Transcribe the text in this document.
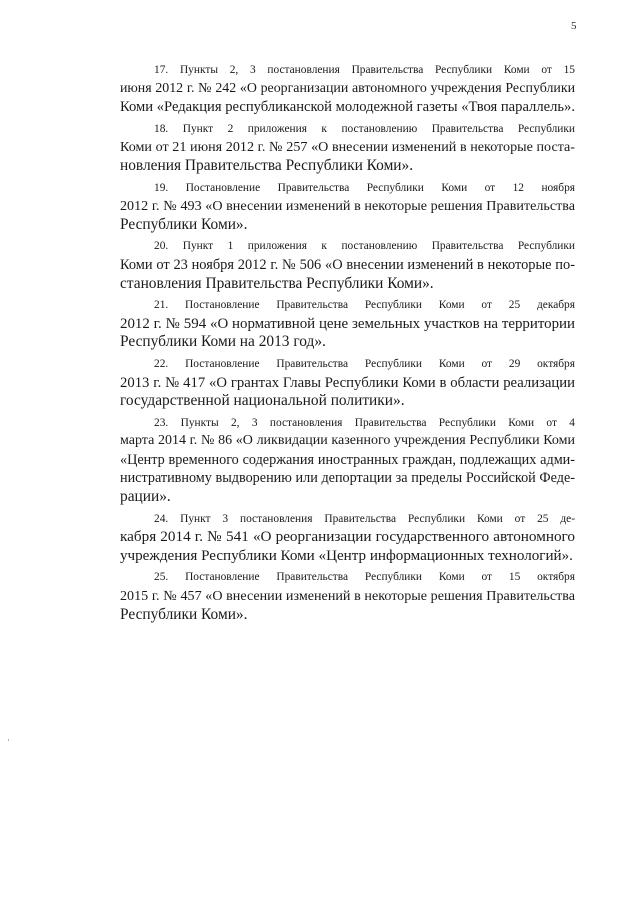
5
17. Пункты 2, 3 постановления Правительства Республики Коми от 15
июня 2012 г. № 242 «О реорганизации автономного учреждения Республики
Коми «Редакция республиканской молодежной газеты «Твоя параллель».
18. Пункт 2 приложения к постановлению Правительства Республики
Коми от 21 июня 2012 г. № 257 «О внесении изменений в некоторые поста-
новления Правительства Республики Коми».
19. Постановление Правительства Республики Коми от 12 ноября
2012 г. № 493 «О внесении изменений в некоторые решения Правительства
Республики Коми».
20. Пункт 1 приложения к постановлению Правительства Республики
Коми от 23 ноября 2012 г. № 506 «О внесении изменений в некоторые по-
становления Правительства Республики Коми».
21. Постановление Правительства Республики Коми от 25 декабря
2012 г. № 594 «О нормативной цене земельных участков на территории
Республики Коми на 2013 год».
22. Постановление Правительства Республики Коми от 29 октября
2013 г. № 417 «О грантах Главы Республики Коми в области реализации
государственной национальной политики».
23. Пункты 2, 3 постановления Правительства Республики Коми от 4
марта 2014 г. № 86 «О ликвидации казенного учреждения Республики Коми
«Центр временного содержания иностранных граждан, подлежащих адми-
нистративному выдворению или депортации за пределы Российской Феде-
рации».
24. Пункт 3 постановления Правительства Республики Коми от 25 де-
кабря 2014 г. № 541 «О реорганизации государственного автономного
учреждения Республики Коми «Центр информационных технологий».
25. Постановление Правительства Республики Коми от 15 октября
2015 г. № 457 «О внесении изменений в некоторые решения Правительства
Республики Коми».
